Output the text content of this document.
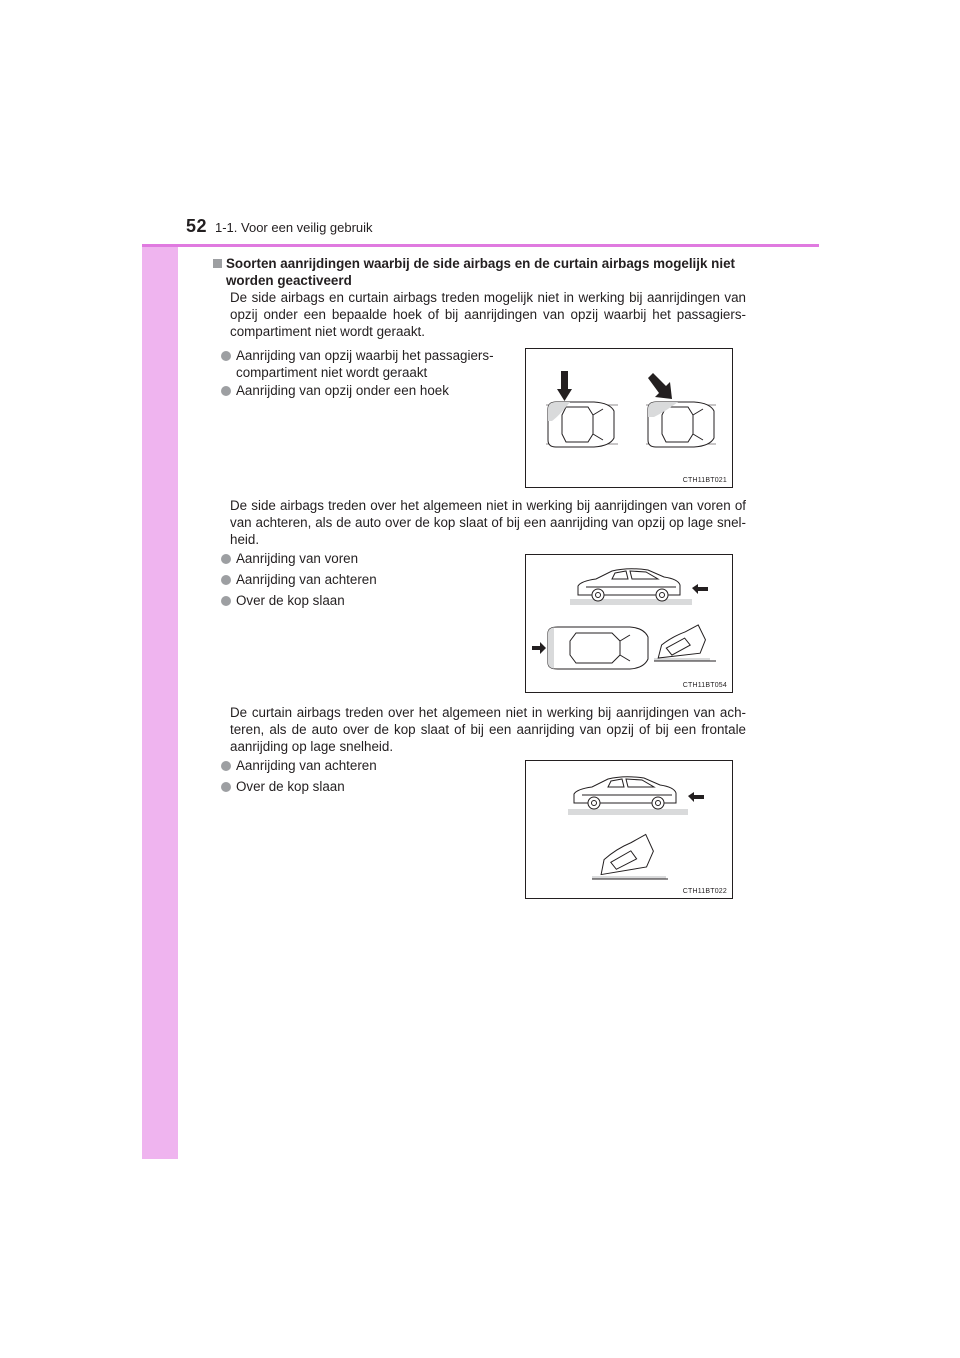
52 1-1. Voor een veilig gebruik
Soorten aanrijdingen waarbij de side airbags en de curtain airbags mogelijk niet
worden geactiveerd
De side airbags en curtain airbags treden mogelijk niet in werking bij aanrijdingen van opzij onder een bepaalde hoek of bij aanrijdingen van opzij waarbij het passagiers-compartiment niet wordt geraakt.
Aanrijding van opzij waarbij het passagiers-
compartiment niet wordt geraakt
Aanrijding van opzij onder een hoek
CTH11BT021
De side airbags treden over het algemeen niet in werking bij aanrijdingen van voren of van achteren, als de auto over de kop slaat of bij een aanrijding van opzij op lage snel-heid.
Aanrijding van voren
Aanrijding van achteren
Over de kop slaan
CTH11BT054
De curtain airbags treden over het algemeen niet in werking bij aanrijdingen van ach-teren, als de auto over de kop slaat of bij een aanrijding van opzij of bij een frontale aanrijding op lage snelheid.
Aanrijding van achteren
Over de kop slaan
CTH11BT022
